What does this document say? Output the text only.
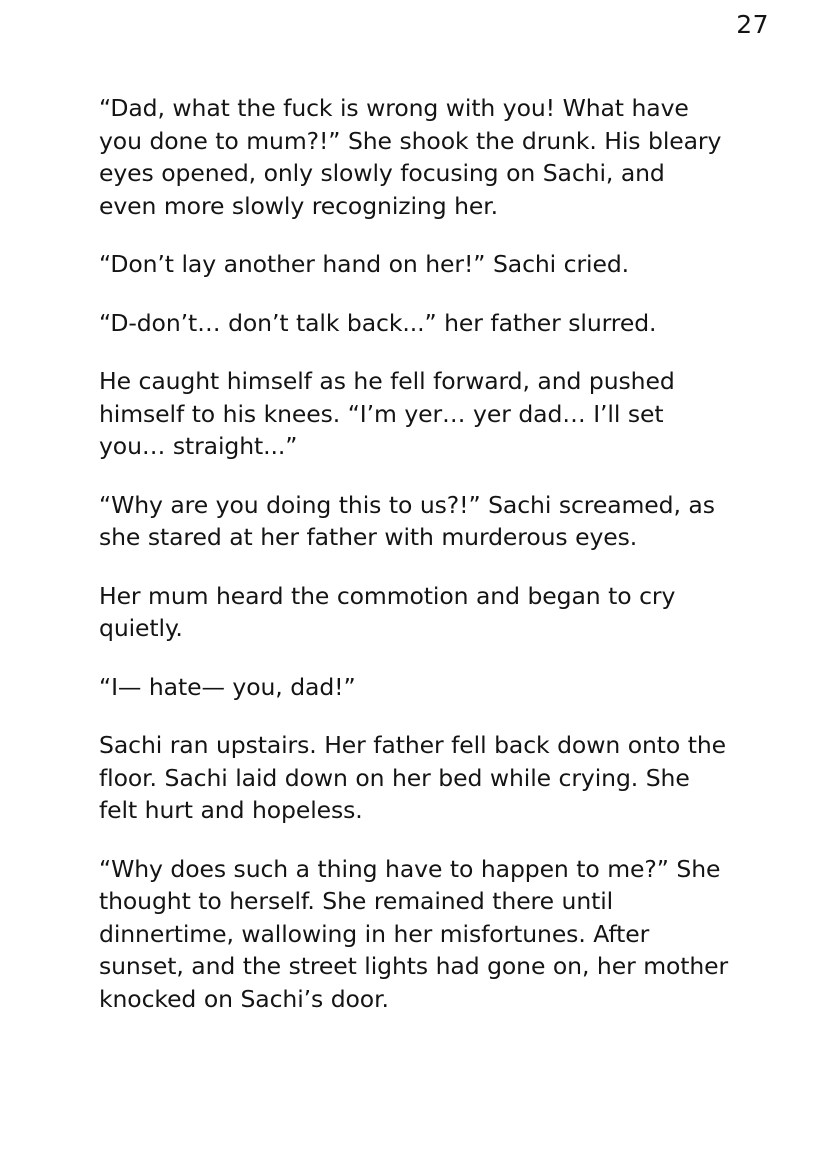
27

“Dad, what the fuck is wrong with you! What have you done to mum?!” She shook the drunk. His bleary eyes opened, only slowly focusing on Sachi, and even more slowly recognizing her.

“Don’t lay another hand on her!” Sachi cried.

“D-don’t… don’t talk back...” her father slurred.

He caught himself as he fell forward, and pushed himself to his knees. “I’m yer… yer dad… I’ll set you… straight...”

“Why are you doing this to us?!” Sachi screamed, as she stared at her father with murderous eyes.

Her mum heard the commotion and began to cry quietly.

“I— hate— you, dad!”

Sachi ran upstairs. Her father fell back down onto the floor. Sachi laid down on her bed while crying. She felt hurt and hopeless.

“Why does such a thing have to happen to me?” She thought to herself. She remained there until dinnertime, wallowing in her misfortunes. After sunset, and the street lights had gone on, her mother knocked on Sachi’s door.
